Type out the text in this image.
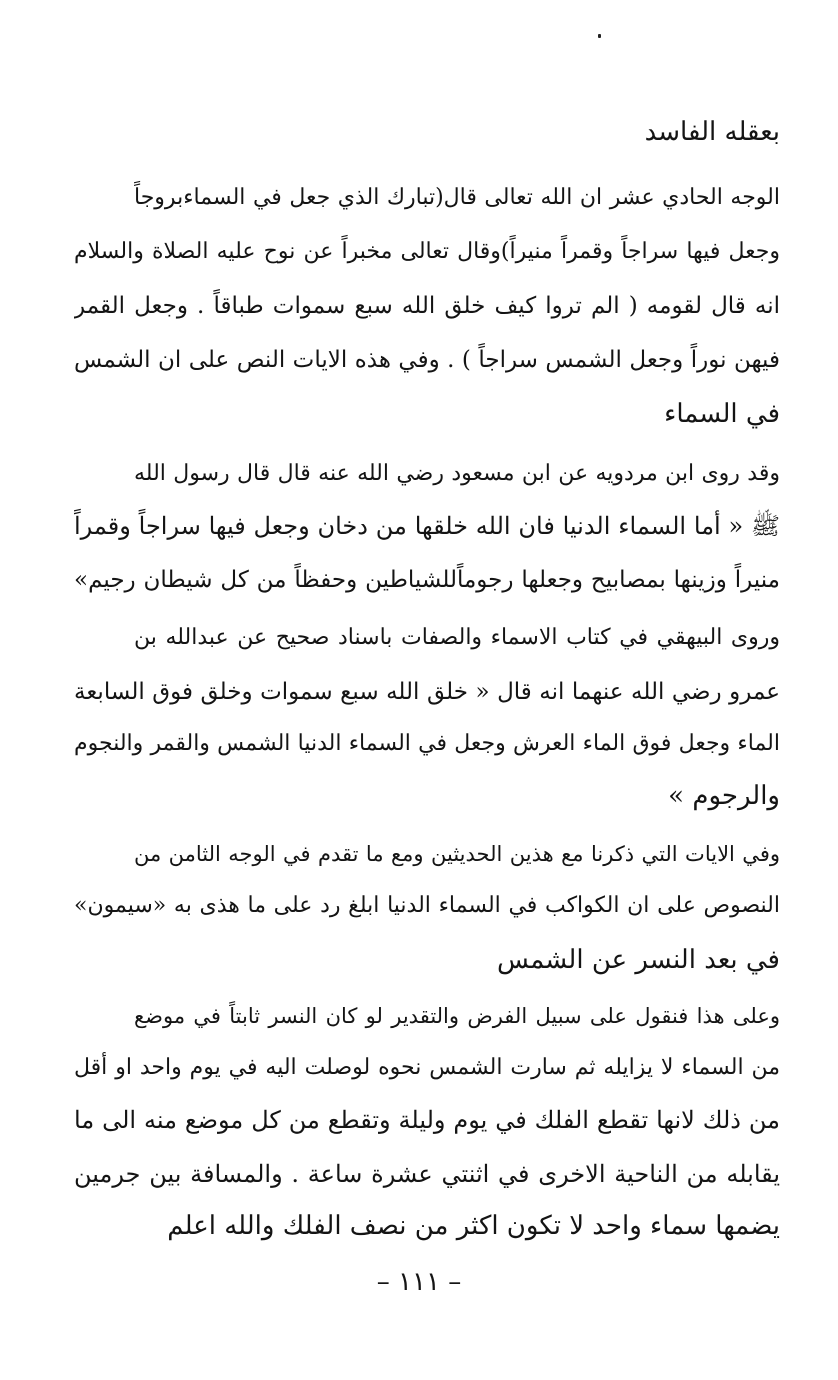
بعقله الفاسد
الوجه الحادي عشر ان الله تعالى قال(تبارك الذي جعل في السماءبروجاً
وجعل فيها سراجاً وقمراً منيراً)وقال تعالى مخبراً عن نوح عليه الصلاة والسلام
انه قال لقومه ( الم تروا كيف خلق الله سبع سموات طباقاً . وجعل القمر
فيهن نوراً وجعل الشمس سراجاً ) . وفي هذه الايات النص على ان الشمس
في السماء
وقد روى ابن مردويه عن ابن مسعود رضي الله عنه قال قال رسول الله
ﷺ « أما السماء الدنيا فان الله خلقها من دخان وجعل فيها سراجاً وقمراً
منيراً وزينها بمصابيح وجعلها رجوماًللشياطين وحفظاً من كل شيطان رجيم»
وروى البيهقي في كتاب الاسماء والصفات باسناد صحيح عن عبدالله بن
عمرو رضي الله عنهما انه قال « خلق الله سبع سموات وخلق فوق السابعة
الماء وجعل فوق الماء العرش وجعل في السماء الدنيا الشمس والقمر والنجوم
والرجوم »
وفي الايات التي ذكرنا مع هذين الحديثين ومع ما تقدم في الوجه الثامن من
النصوص على ان الكواكب في السماء الدنيا ابلغ رد على ما هذى به «سيمون»
في بعد النسر عن الشمس
وعلى هذا فنقول على سبيل الفرض والتقدير لو كان النسر ثابتاً في موضع
من السماء لا يزايله ثم سارت الشمس نحوه لوصلت اليه في يوم واحد او أقل
من ذلك لانها تقطع الفلك في يوم وليلة وتقطع من كل موضع منه الى ما
يقابله من الناحية الاخرى في اثنتي عشرة ساعة . والمسافة بين جرمين
يضمها سماء واحد لا تكون اكثر من نصف الفلك والله اعلم
– ١١١ –
